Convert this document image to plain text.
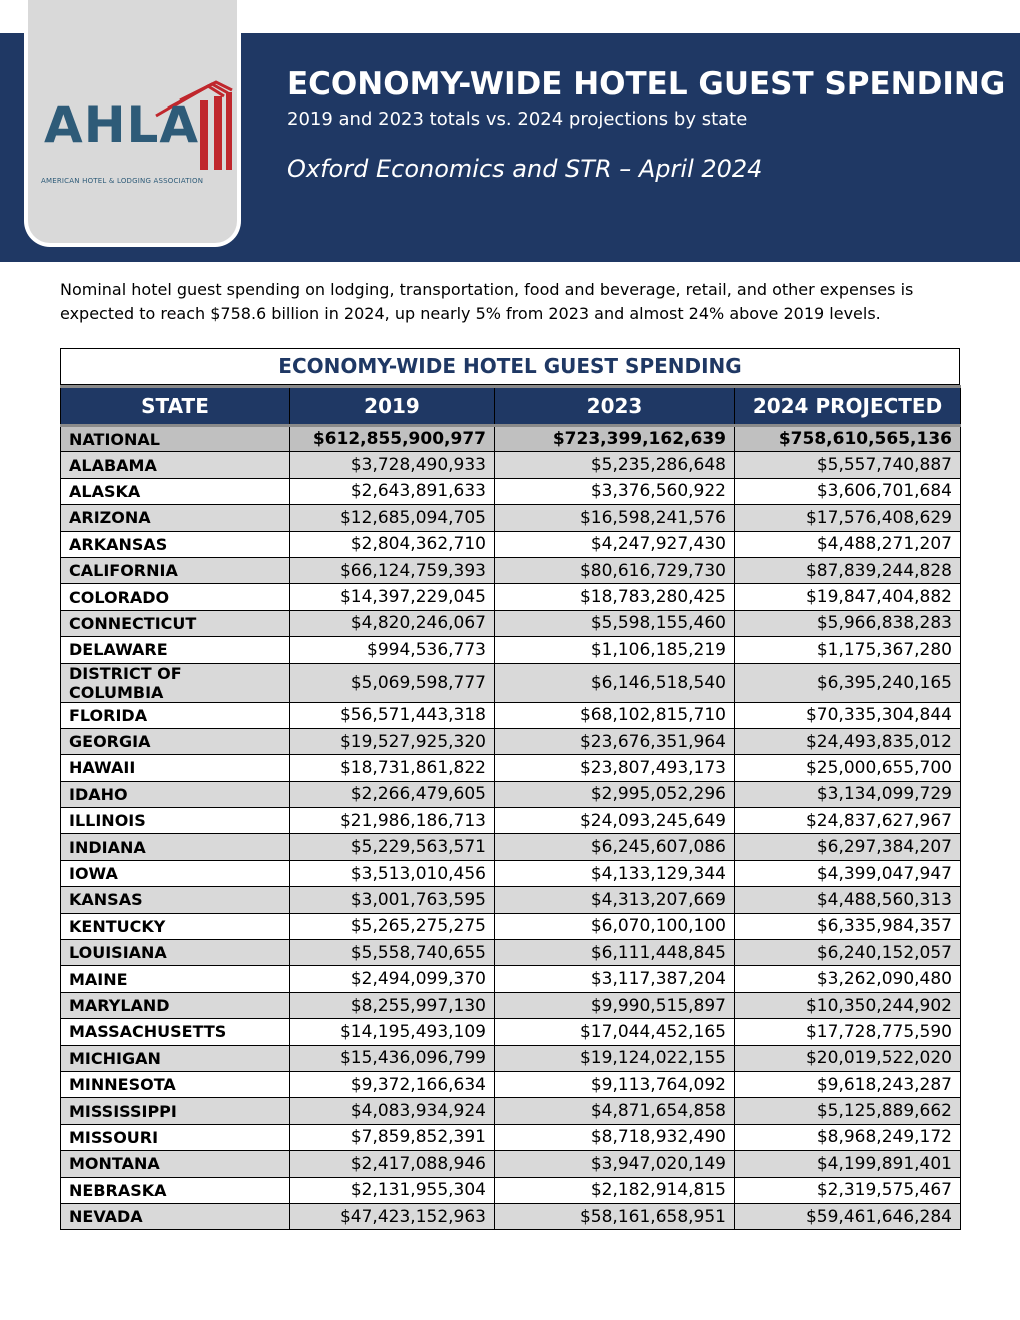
AHLA
AMERICAN HOTEL & LODGING ASSOCIATION
ECONOMY-WIDE HOTEL GUEST SPENDING
2019 and 2023 totals vs. 2024 projections by state
Oxford Economics and STR – April 2024
Nominal hotel guest spending on lodging, transportation, food and beverage, retail, and other expenses is expected to reach $758.6 billion in 2024, up nearly 5% from 2023 and almost 24% above 2019 levels.
ECONOMY-WIDE HOTEL GUEST SPENDING
STATE	2019	2023	2024 PROJECTED
NATIONAL	$612,855,900,977	$723,399,162,639	$758,610,565,136
ALABAMA	$3,728,490,933	$5,235,286,648	$5,557,740,887
ALASKA	$2,643,891,633	$3,376,560,922	$3,606,701,684
ARIZONA	$12,685,094,705	$16,598,241,576	$17,576,408,629
ARKANSAS	$2,804,362,710	$4,247,927,430	$4,488,271,207
CALIFORNIA	$66,124,759,393	$80,616,729,730	$87,839,244,828
COLORADO	$14,397,229,045	$18,783,280,425	$19,847,404,882
CONNECTICUT	$4,820,246,067	$5,598,155,460	$5,966,838,283
DELAWARE	$994,536,773	$1,106,185,219	$1,175,367,280
DISTRICT OF COLUMBIA	$5,069,598,777	$6,146,518,540	$6,395,240,165
FLORIDA	$56,571,443,318	$68,102,815,710	$70,335,304,844
GEORGIA	$19,527,925,320	$23,676,351,964	$24,493,835,012
HAWAII	$18,731,861,822	$23,807,493,173	$25,000,655,700
IDAHO	$2,266,479,605	$2,995,052,296	$3,134,099,729
ILLINOIS	$21,986,186,713	$24,093,245,649	$24,837,627,967
INDIANA	$5,229,563,571	$6,245,607,086	$6,297,384,207
IOWA	$3,513,010,456	$4,133,129,344	$4,399,047,947
KANSAS	$3,001,763,595	$4,313,207,669	$4,488,560,313
KENTUCKY	$5,265,275,275	$6,070,100,100	$6,335,984,357
LOUISIANA	$5,558,740,655	$6,111,448,845	$6,240,152,057
MAINE	$2,494,099,370	$3,117,387,204	$3,262,090,480
MARYLAND	$8,255,997,130	$9,990,515,897	$10,350,244,902
MASSACHUSETTS	$14,195,493,109	$17,044,452,165	$17,728,775,590
MICHIGAN	$15,436,096,799	$19,124,022,155	$20,019,522,020
MINNESOTA	$9,372,166,634	$9,113,764,092	$9,618,243,287
MISSISSIPPI	$4,083,934,924	$4,871,654,858	$5,125,889,662
MISSOURI	$7,859,852,391	$8,718,932,490	$8,968,249,172
MONTANA	$2,417,088,946	$3,947,020,149	$4,199,891,401
NEBRASKA	$2,131,955,304	$2,182,914,815	$2,319,575,467
NEVADA	$47,423,152,963	$58,161,658,951	$59,461,646,284
